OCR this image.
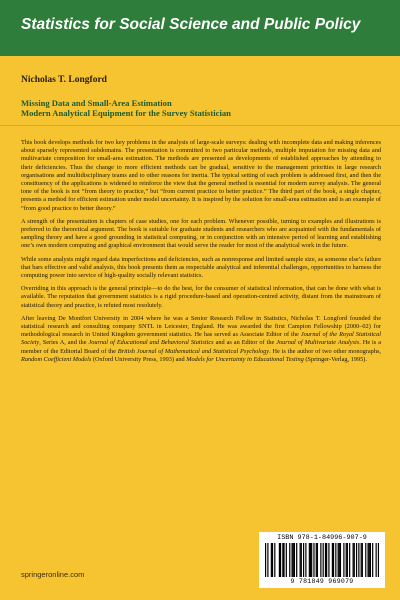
Statistics for Social Science and Public Policy
Nicholas T. Longford
Missing Data and Small-Area Estimation
Modern Analytical Equipment for the Survey Statistician

This book develops methods for two key problems in the analysis of large-scale surveys: dealing with incomplete data and making inferences about sparsely represented subdomains. The presentation is committed to two particular methods, multiple imputation for missing data and multivariate composition for small-area estimation. The methods are presented as developments of established approaches by attending to their deficiencies. Thus the change to more efficient methods can be gradual, sensitive to the management priorities in large research organisations and multidisciplinary teams and to other reasons for inertia. The typical setting of each problem is addressed first, and then the constituency of the applications is widened to reinforce the view that the general method is essential for modern survey analysis. The general tone of the book is not “from theory to practice,” but “from current practice to better practice.” The third part of the book, a single chapter, presents a method for efficient estimation under model uncertainty. It is inspired by the solution for small-area estimation and is an example of “from good practice to better theory.”

A strength of the presentation is chapters of case studies, one for each problem. Whenever possible, turning to examples and illustrations is preferred to the theoretical argument. The book is suitable for graduate students and researchers who are acquainted with the fundamentals of sampling theory and have a good grounding in statistical computing, or in conjunction with an intensive period of learning and establishing one’s own modern computing and graphical environment that would serve the reader for most of the analytical work in the future.

While some analysts might regard data imperfections and deficiencies, such as nonresponse and limited sample size, as someone else’s failure that bars effective and valid analysis, this book presents them as respectable analytical and inferential challenges, opportunities to harness the computing power into service of high-quality socially relevant statistics.

Overriding in this approach is the general principle—to do the best, for the consumer of statistical information, that can be done with what is available. The reputation that government statistics is a rigid procedure-based and operation-centred activity, distant from the mainstream of statistical theory and practice, is refuted most resolutely.

After leaving De Montfort University in 2004 where he was a Senior Research Fellow in Statistics, Nicholas T. Longford founded the statistical research and consulting company SNTL in Leicester, England. He was awarded the first Campion Fellowship (2000–02) for methodological research in United Kingdom government statistics. He has served as Associate Editor of the Journal of the Royal Statistical Society, Series A, and the Journal of Educational and Behavioral Statistics and as an Editor of the Journal of Multivariate Analysis. He is a member of the Editorial Board of the British Journal of Mathematical and Statistical Psychology. He is the author of two other monographs, Random Coefficient Models (Oxford University Press, 1993) and Models for Uncertainty in Educational Testing (Springer-Verlag, 1995).

ISBN 978-1-84996-907-9
9 781849 969079
springeronline.com
